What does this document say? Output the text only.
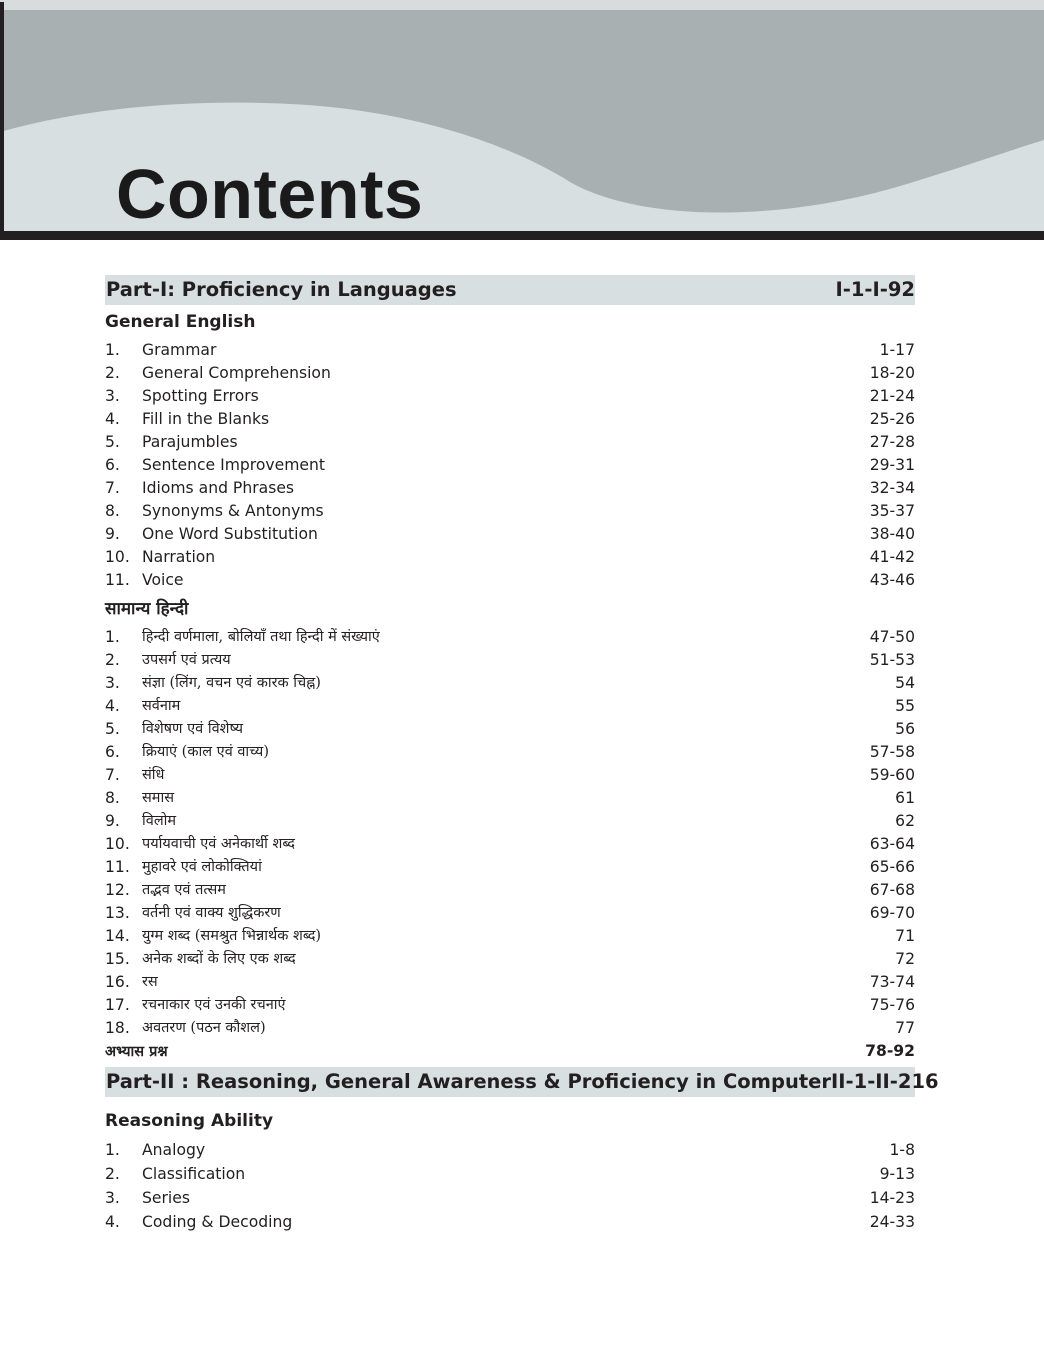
Contents
Part-I: Proficiency in Languages	I-1-I-92
General English
1.	Grammar	1-17
2.	General Comprehension	18-20
3.	Spotting Errors	21-24
4.	Fill in the Blanks	25-26
5.	Parajumbles	27-28
6.	Sentence Improvement	29-31
7.	Idioms and Phrases	32-34
8.	Synonyms & Antonyms	35-37
9.	One Word Substitution	38-40
10. Narration	41-42
11. Voice	43-46
सामान्य हिन्दी
1.	हिन्दी वर्णमाला, बोलियाँ तथा हिन्दी में संख्याएं	47-50
2.	उपसर्ग एवं प्रत्यय	51-53
3.	संज्ञा (लिंग, वचन एवं कारक चिह्न)	54
4.	सर्वनाम	55
5.	विशेषण एवं विशेष्य	56
6.	क्रियाएं (काल एवं वाच्य)	57-58
7.	संधि	59-60
8.	समास	61
9.	विलोम	62
10. पर्यायवाची एवं अनेकार्थी शब्द	63-64
11. मुहावरे एवं लोकोक्तियां	65-66
12. तद्भव एवं तत्सम	67-68
13. वर्तनी एवं वाक्य शुद्धिकरण	69-70
14. युग्म शब्द (समश्रुत भिन्नार्थक शब्द)	71
15. अनेक शब्दों के लिए एक शब्द	72
16. रस	73-74
17. रचनाकार एवं उनकी रचनाएं	75-76
18. अवतरण (पठन कौशल)	77
अभ्यास प्रश्न	78-92
Part-II : Reasoning, General Awareness & Proficiency in Computer II-1-II-216
Reasoning Ability
1.	Analogy	1-8
2.	Classification	9-13
3.	Series	14-23
4.	Coding & Decoding	24-33
